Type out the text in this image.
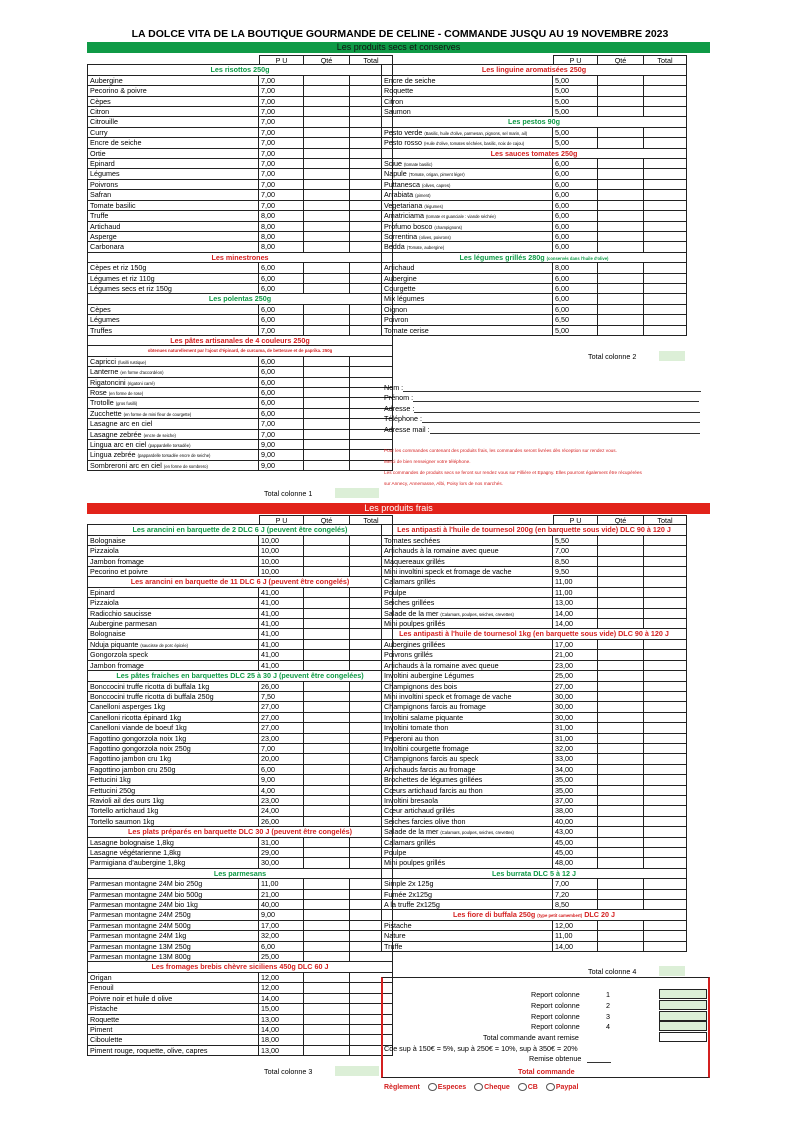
LA DOLCE VITA DE LA BOUTIQUE GOURMANDE DE CELINE - COMMANDE JUSQU AU 19 NOVEMBRE 2023
Les produits secs et conserves
P U	Qté	Total
Les risottos 250g
Aubergine	7,00
Pecorino & poivre	7,00
Cèpes	7,00
Citron	7,00
Citrouille	7,00
Curry	7,00
Encre de seiche	7,00
Ortie	7,00
Epinard	7,00
Légumes	7,00
Poivrons	7,00
Safran	7,00
Tomate basilic	7,00
Truffe	8,00
Artichaud	8,00
Asperge	8,00
Carbonara	8,00
Les minestrones
Cèpes et riz 150g	6,00
Légumes et riz 110g	6,00
Légumes secs et riz 150g	6,00
Les polentas 250g
Cèpes	6,00
Légumes	6,00
Truffes	7,00
Les pâtes artisanales de 4 couleurs 250g
obtenues naturellement par l'ajout d'épinard, de curcuma, de betterave et de paprika. 250g
Capricci (fusilli rustique)	6,00
Lanterne (en forme d'accordéon)	6,00
Rigatoncini (rigatoni carré)	6,00
Rose (en forme de rose)	6,00
Trotolle (gros fusilli)	6,00
Zucchette (en forme de mini fleur de courgette)	6,00
Lasagne arc en ciel	7,00
Lasagne zebrée (encre de seiche)	7,00
Lingua arc en ciel (pappardelle torsadée)	9,00
Lingua zebrée (pappardelle torsadée encre de seiche)	9,00
Sombreroni arc en ciel (en forme de sombrero)	9,00
P U	Qté	Total
Les linguine aromatisées 250g
Encre de seiche	5,00
Roquette	5,00
Citron	5,00
Saumon	5,00
Les pestos 90g
Pesto verde (Basilic, huile d'olive, parmesan, pignons, sel marin, ail)	5,00
Pesto rosso (Huile d'olive, tomates séchées, basilic, noix de cajou)	5,00
Les sauces tomates 250g
Sciue (tomate basilic)	6,00
Napule (Tomate, origan, piment léger)	6,00
Puttanesca (olives, capres)	6,00
Arrabiata (piment)	6,00
Vegetariana (légumes)	6,00
Amatriciama (tomate et guanciale : viande séchée)	6,00
Profumo bosco (champignons)	6,00
Sorrentina (olives, poivrons)	6,00
Bedda (Tomate, aubergine)	6,00
Les légumes grillés 280g (conservés dans l'huile d'olive)
Artichaud	8,00
Aubergine	6,00
Courgette	6,00
Mix légumes	6,00
Oignon	6,00
Poivron	6,50
Tomate cerise	5,00
Total colonne 2
Nom :
Prénom :
Adresse :
Téléphone :
Adresse mail :
Pour les commandes contenant des produits frais, les commandes seront livrées dès réception sur rendez vous.
Merci de bien renseigner votre téléphone.
Les commandes de produits secs se feront sur rendez vous sur Fillière et Epagny. Elles pourront également être récupérées
sur Annecy, Annemasse, Albi, Poisy lors de nos marchés.
Total colonne 1
Les produits frais
P U	Qté	Total
Les arancini en barquette de 2 DLC 6 J (peuvent être congelés)
Bolognaise	10,00
Pizzaiola	10,00
Jambon fromage	10,00
Pecorino et poivre	10,00
Les arancini en barquette de 11 DLC 6 J (peuvent être congelés)
Epinard	41,00
Pizzaiola	41,00
Radicchio saucisse	41,00
Aubergine parmesan	41,00
Bolognaise	41,00
Nduja piquante (saucisse de porc épicée)	41,00
Gongorzola speck	41,00
Jambon fromage	41,00
Les pâtes fraiches en barquettes DLC 25 à 30 J (peuvent être congelées)
Bonccocini truffe ricotta di buffala 1kg	26,00
Bonccocini truffe ricotta di buffala 250g	7,50
Canelloni asperges 1kg	27,00
Canelloni ricotta épinard 1kg	27,00
Canelloni viande de boeuf 1kg	27,00
Fagottino gongorzola noix 1kg	23,00
Fagottino gongorzola noix 250g	7,00
Fagottino jambon cru 1kg	20,00
Fagottino jambon cru 250g	6,00
Fettucini 1kg	9,00
Fettucini 250g	4,00
Ravioli ail des ours 1kg	23,00
Tortello artichaud 1kg	24,00
Tortello saumon 1kg	26,00
Les plats préparés en barquette DLC 30 J (peuvent être congelés)
Lasagne bolognaise 1,8kg	31,00
Lasagne végétarienne 1,8kg	29,00
Parmigiana d'aubergine 1,8kg	30,00
Les parmesans
Parmesan montagne 24M bio 250g	11,00
Parmesan montagne 24M bio 500g	21,00
Parmesan montagne 24M bio 1kg	40,00
Parmesan montagne 24M 250g	9,00
Parmesan montagne 24M 500g	17,00
Parmesan montagne 24M 1kg	32,00
Parmesan montagne 13M 250g	6,00
Parmesan montagne 13M 800g	25,00
Les fromages brebis chèvre siciliens 450g DLC 60 J
Origan	12,00
Fenouil	12,00
Poivre noir et huile d olive	14,00
Pistache	15,00
Roquette	13,00
Piment	14,00
Ciboulette	18,00
Piment rouge, roquette, olive, capres	13,00
P U	Qté	Total
Les antipasti à l'huile de tournesol 200g (en barquette sous vide) DLC 90 à 120 J
Tomates sechées	5,50
Artichauds à la romaine avec queue	7,00
Maquereaux grillés	8,50
Mini involtini speck et fromage de vache	9,50
Calamars grillés	11,00
Poulpe	11,00
Seiches grillées	13,00
Salade de la mer (Calamars, poulpes, seiches, crevettes)	14,00
Mini poulpes grillés	14,00
Les antipasti à l'huile de tournesol 1kg (en barquette sous vide) DLC 90 à 120 J
Aubergines grillées	17,00
Poivrons grillés	21,00
Artichauds à la romaine avec queue	23,00
Involtini aubergine Légumes	25,00
Champignons des bois	27,00
Mini involtini speck et fromage de vache	30,00
Champignons farcis au fromage	30,00
Involtini salame piquante	30,00
Involtini tomate thon	31,00
Peperoni au thon	31,00
Involtini courgette fromage	32,00
Champignons farcis au speck	33,00
Artichauds farcis au fromage	34,00
Brochettes de légumes grillées	35,00
Cœurs artichaud farcis au thon	35,00
Involtini bresaola	37,00
Cœur artichaud grillés	38,00
Seiches farcies olive thon	40,00
Salade de la mer (Calamars, poulpes, seiches, crevettes)	43,00
Calamars grillés	45,00
Poulpe	45,00
Mini poulpes grillés	48,00
Les burrata DLC 5 à 12 J
Simple 2x 125g	7,00
Fumée 2x125g	7,20
A la truffe 2x125g	8,50
Les fiore di buffala 250g (type petit camembert) DLC 20 J
Pistache	12,00
Nature	11,00
Truffe	14,00
Total colonne 3
Total colonne 4
Report colonne	1
Report colonne	2
Report colonne	3
Report colonne	4
Total commande avant remise
Cde sup à 150€ = 5%, sup à 250€ = 10%, sup à 350€ = 20%
Remise obtenue
Total commande
Règlement	Especes	Cheque	CB	Paypal
